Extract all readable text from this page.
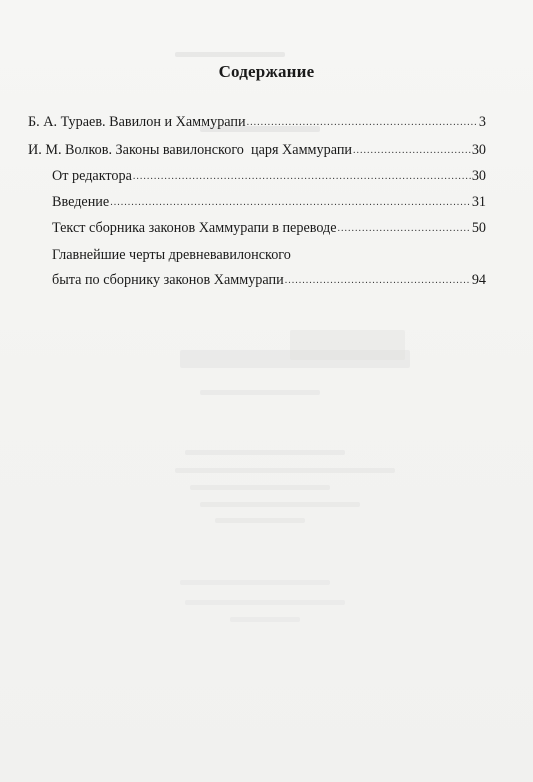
Содержание
Б. А. Тураев. Вавилон и Хаммурапи .....	3
И. М. Волков. Законы вавилонского  царя Хаммурапи .....	30
От редактора .....	30
Введение .....	31
Текст сборника законов Хаммурапи в переводе .....	50
Главнейшие черты древневавилонского
быта по сборнику законов Хаммурапи .....	94
